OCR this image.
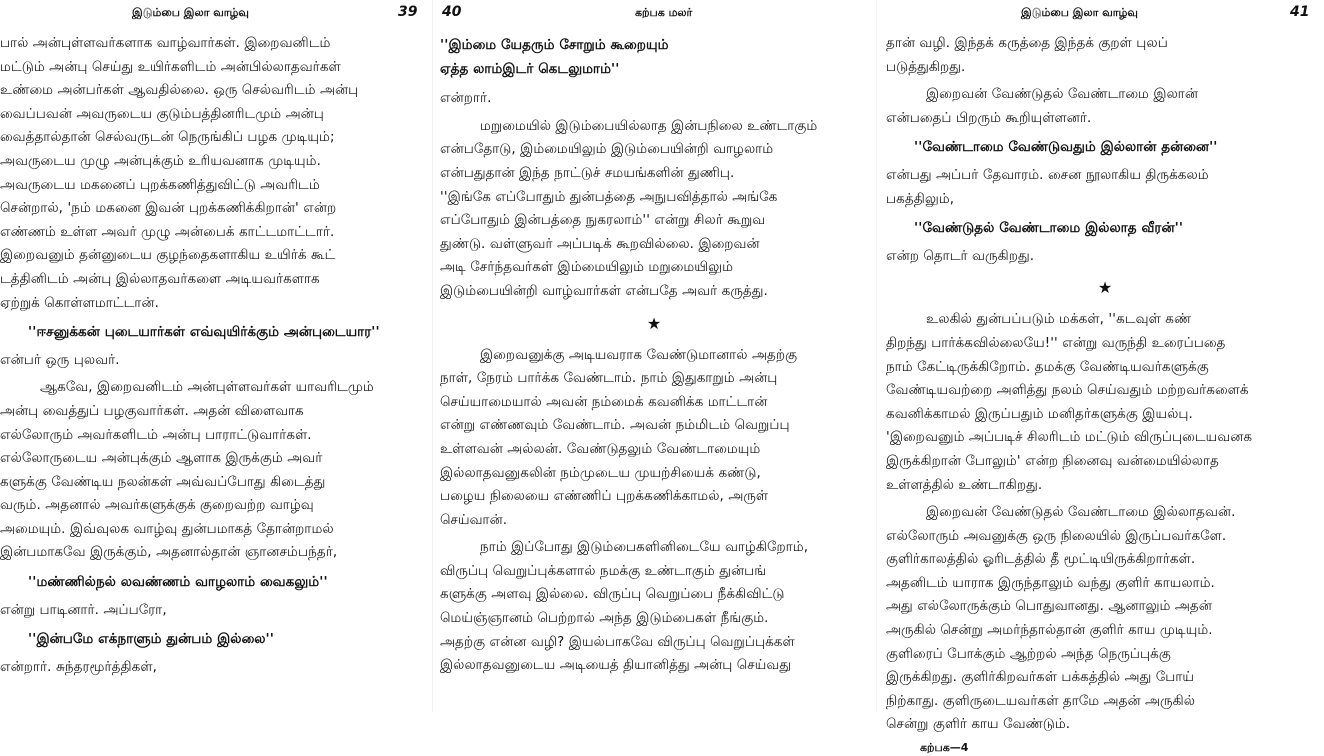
இடும்பை இலா வாழ்வு	39
பால் அன்புள்ளவர்களாக வாழ்வார்கள். இறைவனிடம்
மட்டும் அன்பு செய்து உயிர்களிடம் அன்பில்லாதவர்கள்
உண்மை அன்பர்கள் ஆவதில்லை. ஒரு செல்வரிடம் அன்பு
வைப்பவன் அவருடைய குடும்பத்தினரிடமும் அன்பு
வைத்தால்தான் செல்வருடன் நெருங்கிப் பழக முடியும்;
அவருடைய முழு அன்புக்கும் உரியவனாக முடியும்.
அவருடைய மகனைப் புறக்கணித்துவிட்டு அவரிடம்
சென்றால், 'நம் மகனை இவன் புறக்கணிக்கிறான்' என்ற
எண்ணம் உள்ள அவர் முழு அன்பைக் காட்டமாட்டார்.
இறைவனும் தன்னுடைய குழந்தைகளாகிய உயிர்க் கூட்
டத்தினிடம் அன்பு இல்லாதவர்களை அடியவர்களாக
ஏற்றுக் கொள்ளமாட்டான்.

''ஈசனுக்கன் புடையார்கள் எவ்வுயிர்க்கும் அன்புடையார''

என்பர் ஒரு புலவர்.
ஆகவே, இறைவனிடம் அன்புள்ளவர்கள் யாவரிடமும்
அன்பு வைத்துப் பழகுவார்கள். அதன் விளைவாக
எல்லோரும் அவர்களிடம் அன்பு பாராட்டுவார்கள்.
எல்லோருடைய அன்புக்கும் ஆளாக இருக்கும் அவர்
களுக்கு வேண்டிய நலன்கள் அவ்வப்போது கிடைத்து
வரும். அதனால் அவர்களுக்குக் குறைவற்ற வாழ்வு
அமையும். இவ்வுலக வாழ்வு துன்பமாகத் தோன்றாமல்
இன்பமாகவே இருக்கும், அதனால்தான் ஞானசம்பந்தர்,

''மண்ணில்நல் லவண்ணம் வாழலாம் வைகலும்''

என்று பாடினார். அப்பரோ,

''இன்பமே எக்நாளும் துன்பம் இல்லை''

என்றார். சுந்தரமூர்த்திகள்,
40	கற்பக மலர்
''இம்மை யேதரும் சோறும் கூறையும்
ஏத்த லாம்இடர் கெடலுமாம்''
என்றார்.
மறுமையில் இடும்பையில்லாத இன்பநிலை உண்டாகும்
என்பதோடு, இம்மையிலும் இடும்பையின்றி வாழலாம்
என்பதுதான் இந்த நாட்டுச் சமயங்களின் துணிபு.
''இங்கே எப்போதும் துன்பத்தை அநுபவித்தால் அங்கே
எப்போதும் இன்பத்தை நுகரலாம்'' என்று சிலர் கூறுவ
துண்டு. வள்ளுவர் அப்படிக் கூறவில்லை. இறைவன்
அடி சேர்ந்தவர்கள் இம்மையிலும் மறுமையிலும்
இடும்பையின்றி வாழ்வார்கள் என்பதே அவர் கருத்து.
★
இறைவனுக்கு அடியவராக வேண்டுமானால் அதற்கு
நாள், நேரம் பார்க்க வேண்டாம். நாம் இதுகாறும் அன்பு
செய்யாமையால் அவன் நம்மைக் கவனிக்க மாட்டான்
என்று எண்ணவும் வேண்டாம். அவன் நம்மிடம் வெறுப்பு
உள்ளவன் அல்லன். வேண்டுதலும் வேண்டாமையும்
இல்லாதவனுகலின் நம்முடைய முயற்சியைக் கண்டு,
பழைய நிலையை எண்ணிப் புறக்கணிக்காமல், அருள்
செய்வான்.
நாம் இப்போது இடும்பைகளினிடையே வாழ்கிறோம்,
விருப்பு வெறுப்புக்களால் நமக்கு உண்டாகும் துன்பங்
களுக்கு அளவு இல்லை. விருப்பு வெறுப்பை நீக்கிவிட்டு
மெய்ஞ்ஞானம் பெற்றால் அந்த இடும்பைகள் நீங்கும்.
அதற்கு என்ன வழி? இயல்பாகவே விருப்பு வெறுப்புக்கள்
இல்லாதவனுடைய அடியைத் தியானித்து அன்பு செய்வது
இடும்பை இலா வாழ்வு	41
தான் வழி. இந்தக் கருத்தை இந்தக் குறள் புலப்
படுத்துகிறது.
இறைவன் வேண்டுதல் வேண்டாமை இலான்
என்பதைப் பிறரும் கூறியுள்ளனர்.

''வேண்டாமை வேண்டுவதும் இல்லான் தன்னை''

என்பது அப்பர் தேவாரம். சைன நூலாகிய திருக்கலம்
பகத்திலும்,

''வேண்டுதல் வேண்டாமை இல்லாத வீரன்''

என்ற தொடர் வருகிறது.
★
உலகில் துன்பப்படும் மக்கள், ''கடவுள் கண்
திறந்து பார்க்கவில்லையே!'' என்று வருந்தி உரைப்பதை
நாம் கேட்டிருக்கிறோம். தமக்கு வேண்டியவர்களுக்கு
வேண்டியவற்றை அளித்து நலம் செய்வதும் மற்றவர்களைக்
கவனிக்காமல் இருப்பதும் மனிதர்களுக்கு இயல்பு.
'இறைவனும் அப்படிச் சிலரிடம் மட்டும் விருப்புடையவனக
இருக்கிறான் போலும்' என்ற நினைவு வன்மையில்லாத
உள்ளத்தில் உண்டாகிறது.
இறைவன் வேண்டுதல் வேண்டாமை இல்லாதவன்.
எல்லோரும் அவனுக்கு ஒரு நிலையில் இருப்பவர்களே.
குளிர்காலத்தில் ஓரிடத்தில் தீ மூட்டியிருக்கிறார்கள்.
அதனிடம் யாராக இருந்தாலும் வந்து குளிர் காயலாம்.
அது எல்லோருக்கும் பொதுவானது. ஆனாலும் அதன்
அருகில் சென்று அமர்ந்தால்தான் குளிர் காய முடியும்.
குளிரைப் போக்கும் ஆற்றல் அந்த நெருப்புக்கு
இருக்கிறது. குளிர்கிறவர்கள் பக்கத்தில் அது போய்
நிற்காது. குளிருடையவர்கள் தாமே அதன் அருகில்
சென்று குளிர் காய வேண்டும்.
கற்பக—4
